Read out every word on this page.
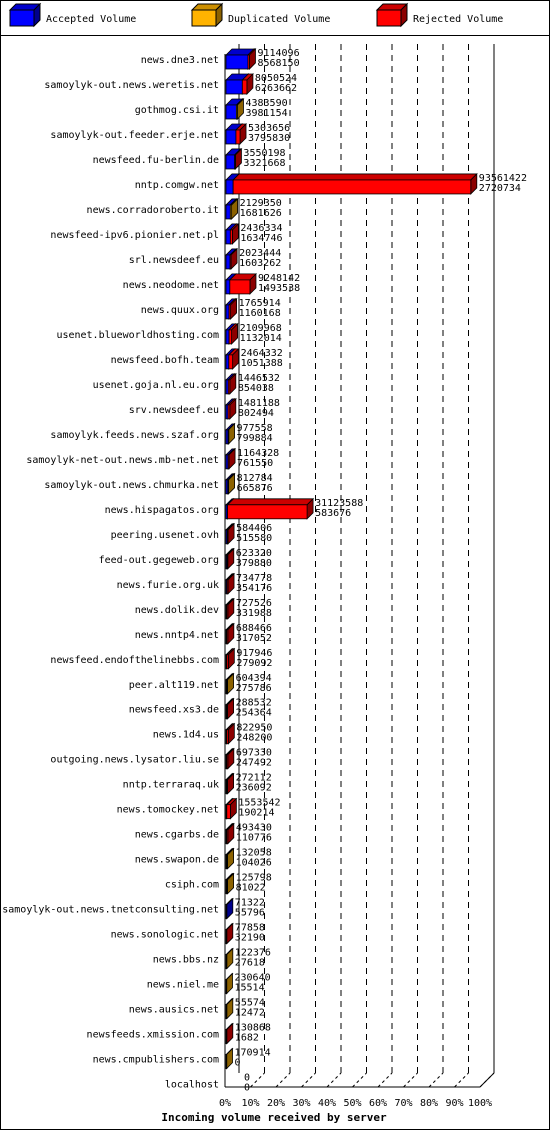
Accepted Volume	Duplicated Volume	Rejected Volume
news.dne3.net
9114096
8568150
samoylyk-out.news.weretis.net
8050524
6263662
gothmog.csi.it
4383590
3981154
samoylyk-out.feeder.erje.net
5303656
3795830
newsfeed.fu-berlin.de
3550198
3321668
nntp.comgw.net
93561422
2720734
news.corradoroberto.it
2129350
1681626
newsfeed-ipv6.pionier.net.pl
2436334
1634746
srl.newsdeef.eu
2023444
1603262
news.neodome.net
9248142
1493538
news.quux.org
1765914
1160168
usenet.blueworldhosting.com
2109968
1132014
newsfeed.bofh.team
2464332
1051388
usenet.goja.nl.eu.org
1446532
854038
srv.newsdeef.eu
1481188
802494
samoylyk.feeds.news.szaf.org
977558
799884
samoylyk-net-out.news.mb-net.net
1164328
761550
samoylyk-out.news.chmurka.net
812784
665876
news.hispagatos.org
31123588
583676
peering.usenet.ovh
584406
515580
feed-out.gegeweb.org
623320
379880
news.furie.org.uk
734778
354176
news.dolik.dev
727526
331988
news.nntp4.net
688466
317052
newsfeed.endofthelinebbs.com
917946
279092
peer.alt119.net
604394
275786
newsfeed.xs3.de
288532
254364
news.1d4.us
822950
248200
outgoing.news.lysator.liu.se
697330
247492
nntp.terraraq.uk
272112
236092
news.tomockey.net
1553542
190214
news.cgarbs.de
493430
110776
news.swapon.de
132058
104026
csiph.com
125798
81022
samoylyk-out.news.tnetconsulting.net
71322
55796
news.sonologic.net
77858
32190
news.bbs.nz
122376
27618
news.niel.me
230640
15514
news.ausics.net
55574
12472
newsfeeds.xmission.com
130868
1682
news.cmpublishers.com
170914
0
localhost
0
0
0% 10% 20% 30% 40% 50% 60% 70% 80% 90% 100%
Incoming volume received by server
